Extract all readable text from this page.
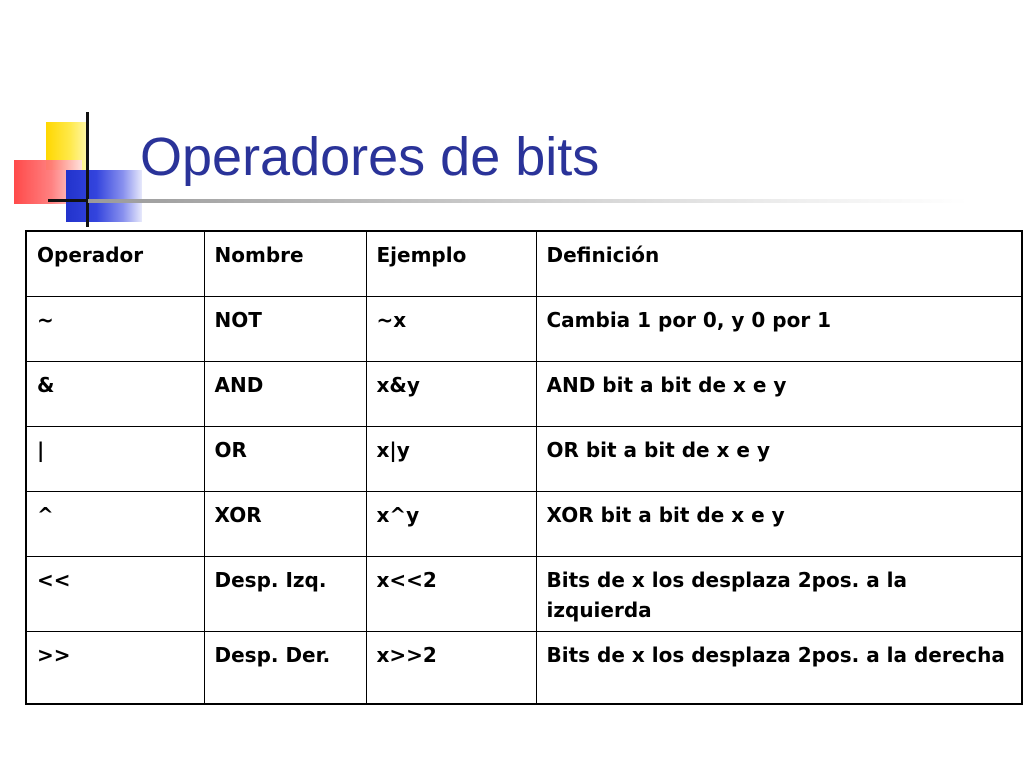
Operadores de bits
Operador	Nombre	Ejemplo	Definición
~	NOT	~x	Cambia 1 por 0, y 0 por 1
&	AND	x&y	AND bit a bit de x e y
|	OR	x|y	OR bit a bit de x e y
^	XOR	x^y	XOR bit a bit de x e y
<<	Desp. Izq.	x<<2	Bits de x los desplaza 2pos. a la izquierda
>>	Desp. Der.	x>>2	Bits de x los desplaza 2pos. a la derecha
